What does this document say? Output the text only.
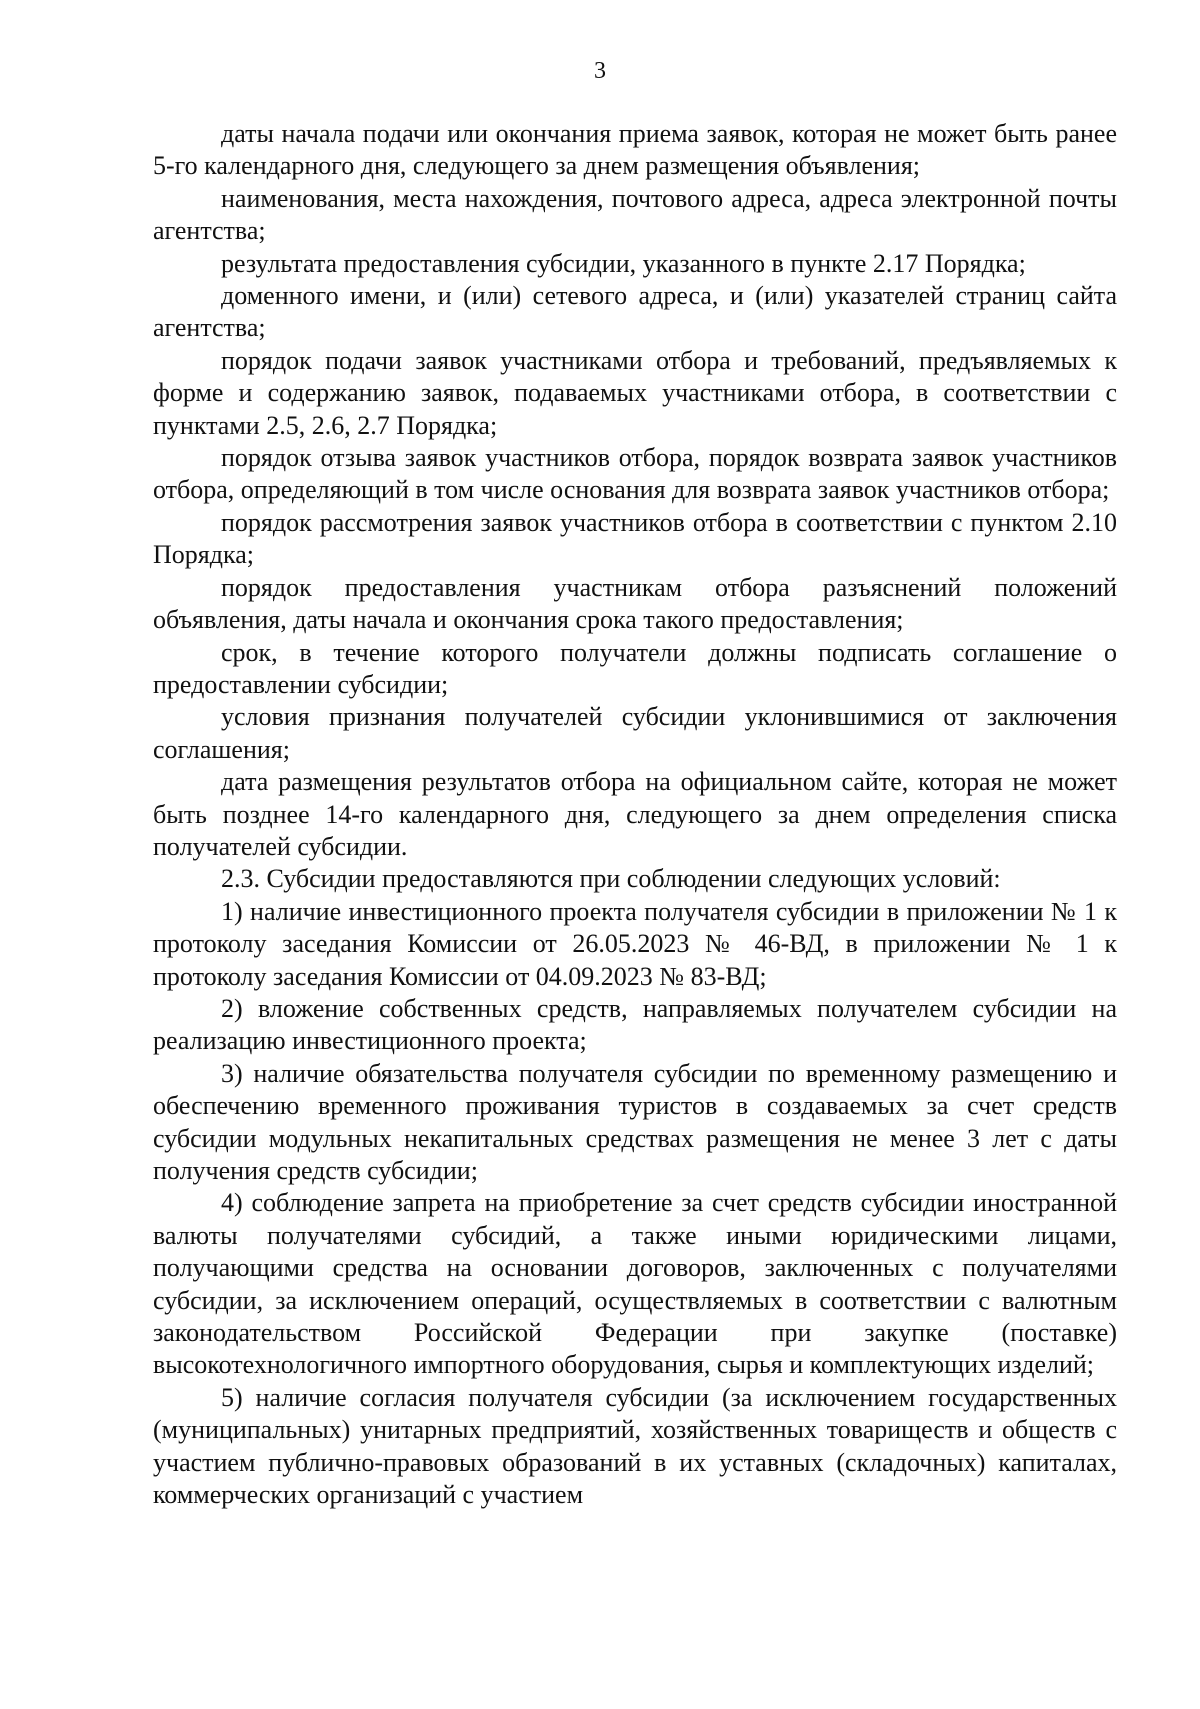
3

даты начала подачи или окончания приема заявок, которая не может быть ранее 5-го календарного дня, следующего за днем размещения объявления;

наименования, места нахождения, почтового адреса, адреса электронной почты агентства;

результата предоставления субсидии, указанного в пункте 2.17 Порядка;

доменного имени, и (или) сетевого адреса, и (или) указателей страниц сайта агентства;

порядок подачи заявок участниками отбора и требований, предъявляемых к форме и содержанию заявок, подаваемых участниками отбора, в соответствии с пунктами 2.5, 2.6, 2.7 Порядка;

порядок отзыва заявок участников отбора, порядок возврата заявок участников отбора, определяющий в том числе основания для возврата заявок участников отбора;

порядок рассмотрения заявок участников отбора в соответствии с пунктом 2.10 Порядка;

порядок предоставления участникам отбора разъяснений положений объявления, даты начала и окончания срока такого предоставления;

срок, в течение которого получатели должны подписать соглашение о предоставлении субсидии;

условия признания получателей субсидии уклонившимися от заключения соглашения;

дата размещения результатов отбора на официальном сайте, которая не может быть позднее 14-го календарного дня, следующего за днем определения списка получателей субсидии.

2.3. Субсидии предоставляются при соблюдении следующих условий:

1) наличие инвестиционного проекта получателя субсидии в приложении № 1 к протоколу заседания Комиссии от 26.05.2023 № 46-ВД, в приложении № 1 к протоколу заседания Комиссии от 04.09.2023 № 83-ВД;

2) вложение собственных средств, направляемых получателем субсидии на реализацию инвестиционного проекта;

3) наличие обязательства получателя субсидии по временному размещению и обеспечению временного проживания туристов в создаваемых за счет средств субсидии модульных некапитальных средствах размещения не менее 3 лет с даты получения средств субсидии;

4) соблюдение запрета на приобретение за счет средств субсидии иностранной валюты получателями субсидий, а также иными юридическими лицами, получающими средства на основании договоров, заключенных с получателями субсидии, за исключением операций, осуществляемых в соответствии с валютным законодательством Российской Федерации при закупке (поставке) высокотехнологичного импортного оборудования, сырья и комплектующих изделий;

5) наличие согласия получателя субсидии (за исключением государственных (муниципальных) унитарных предприятий, хозяйственных товариществ и обществ с участием публично-правовых образований в их уставных (складочных) капиталах, коммерческих организаций с участием
